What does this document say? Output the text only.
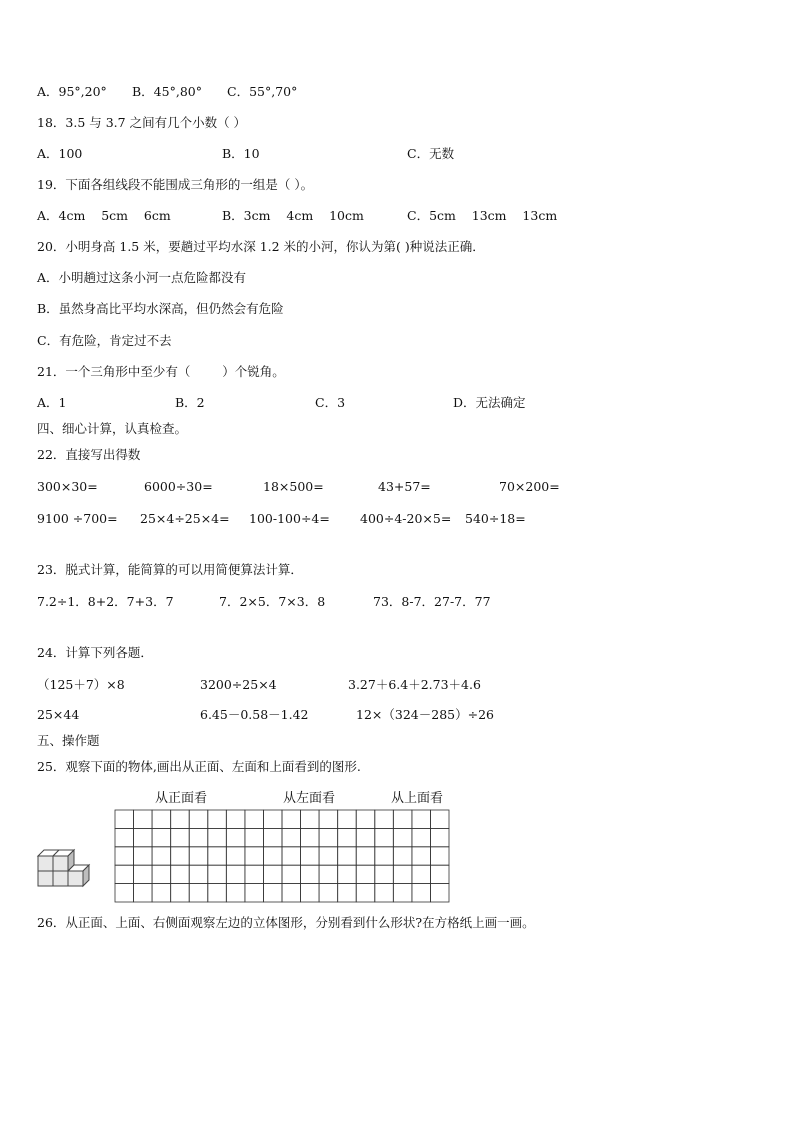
A．95°,20° B．45°,80° C．55°,70°
18．3.5 与 3.7 之间有几个小数（ ）
A．100	B．10	C．无数
19．下面各组线段不能围成三角形的一组是（ ）。
A．4cm    5cm    6cm	B．3cm    4cm    10cm	C．5cm    13cm    13cm
20．小明身高 1.5 米，要趟过平均水深 1.2 米的小河，你认为第( )种说法正确．
A．小明趟过这条小河一点危险都没有
B．虽然身高比平均水深高，但仍然会有危险
C．有危险，肯定过不去
21．一个三角形中至少有（        ）个锐角。
A．1	B．2	C．3	D．无法确定
四、细心计算，认真检查。
22．直接写出得数
300×30=	6000÷30=	18×500=	43+57=	70×200=
9100 ÷700= 25×4÷25×4= 100-100÷4= 400÷4-20×5= 540÷18=
23．脱式计算，能简算的可以用简便算法计算．
7.2÷1．8+2．7+3．7	7．2×5．7×3．8	73．8-7．27-7．77
24．计算下列各题．
（125＋7）×8	3200÷25×4	3.27＋6.4＋2.73＋4.6
25×44	6.45－0.58－1.42	12×（324－285）÷26
五、操作题
25．观察下面的物体,画出从正面、左面和上面看到的图形.
从正面看	从左面看	从上面看
26．从正面、上面、右侧面观察左边的立体图形，分别看到什么形状?在方格纸上画一画。
